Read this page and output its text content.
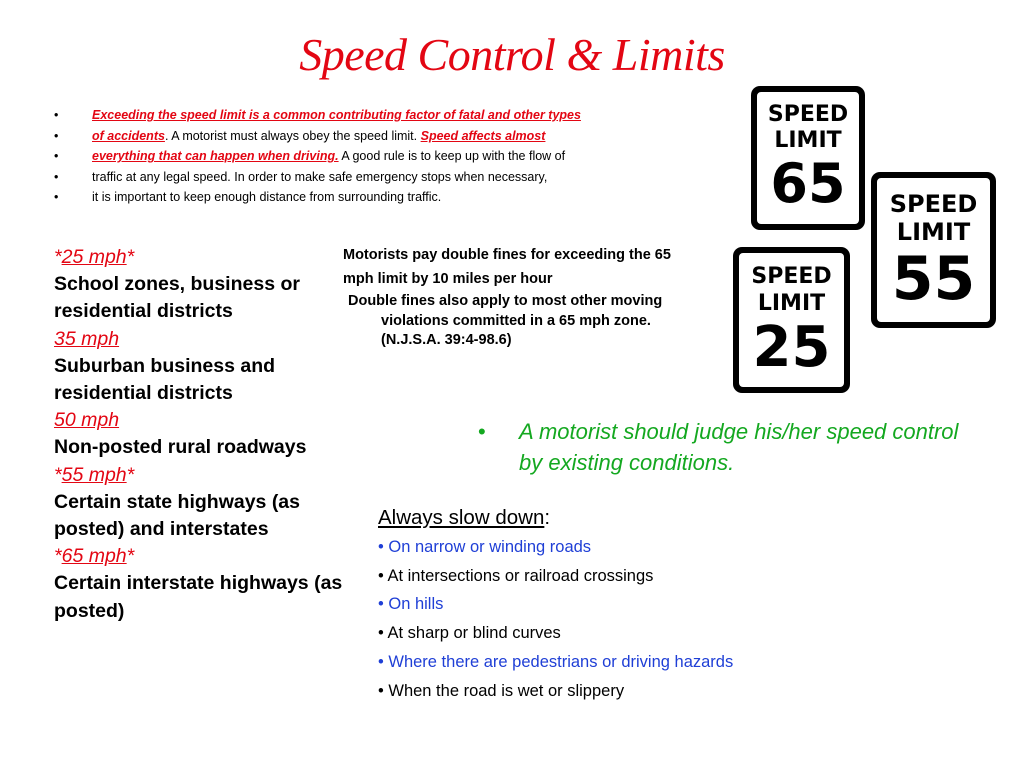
Speed Control & Limits
• Exceeding the speed limit is a common contributing factor of fatal and other types
• of accidents. A motorist must always obey the speed limit. Speed affects almost
• everything that can happen when driving. A good rule is to keep up with the flow of
• traffic at any legal speed. In order to make safe emergency stops when necessary,
• it is important to keep enough distance from surrounding traffic.
*25 mph*
School zones, business or residential districts
35 mph
Suburban business and residential districts
50 mph
Non-posted rural roadways
*55 mph*
Certain state highways (as posted) and interstates
*65 mph*
Certain interstate highways (as posted)
Motorists pay double fines for exceeding the 65 mph limit by 10 miles per hour
Double fines also apply to most other moving violations committed in a 65 mph zone. (N.J.S.A. 39:4-98.6)
SPEED
LIMIT
65	SPEED
LIMIT
55
SPEED
LIMIT
25
•	A motorist should judge his/her speed control by existing conditions.
Always slow down:
• On narrow or winding roads
• At intersections or railroad crossings
• On hills
• At sharp or blind curves
• Where there are pedestrians or driving hazards
• When the road is wet or slippery
